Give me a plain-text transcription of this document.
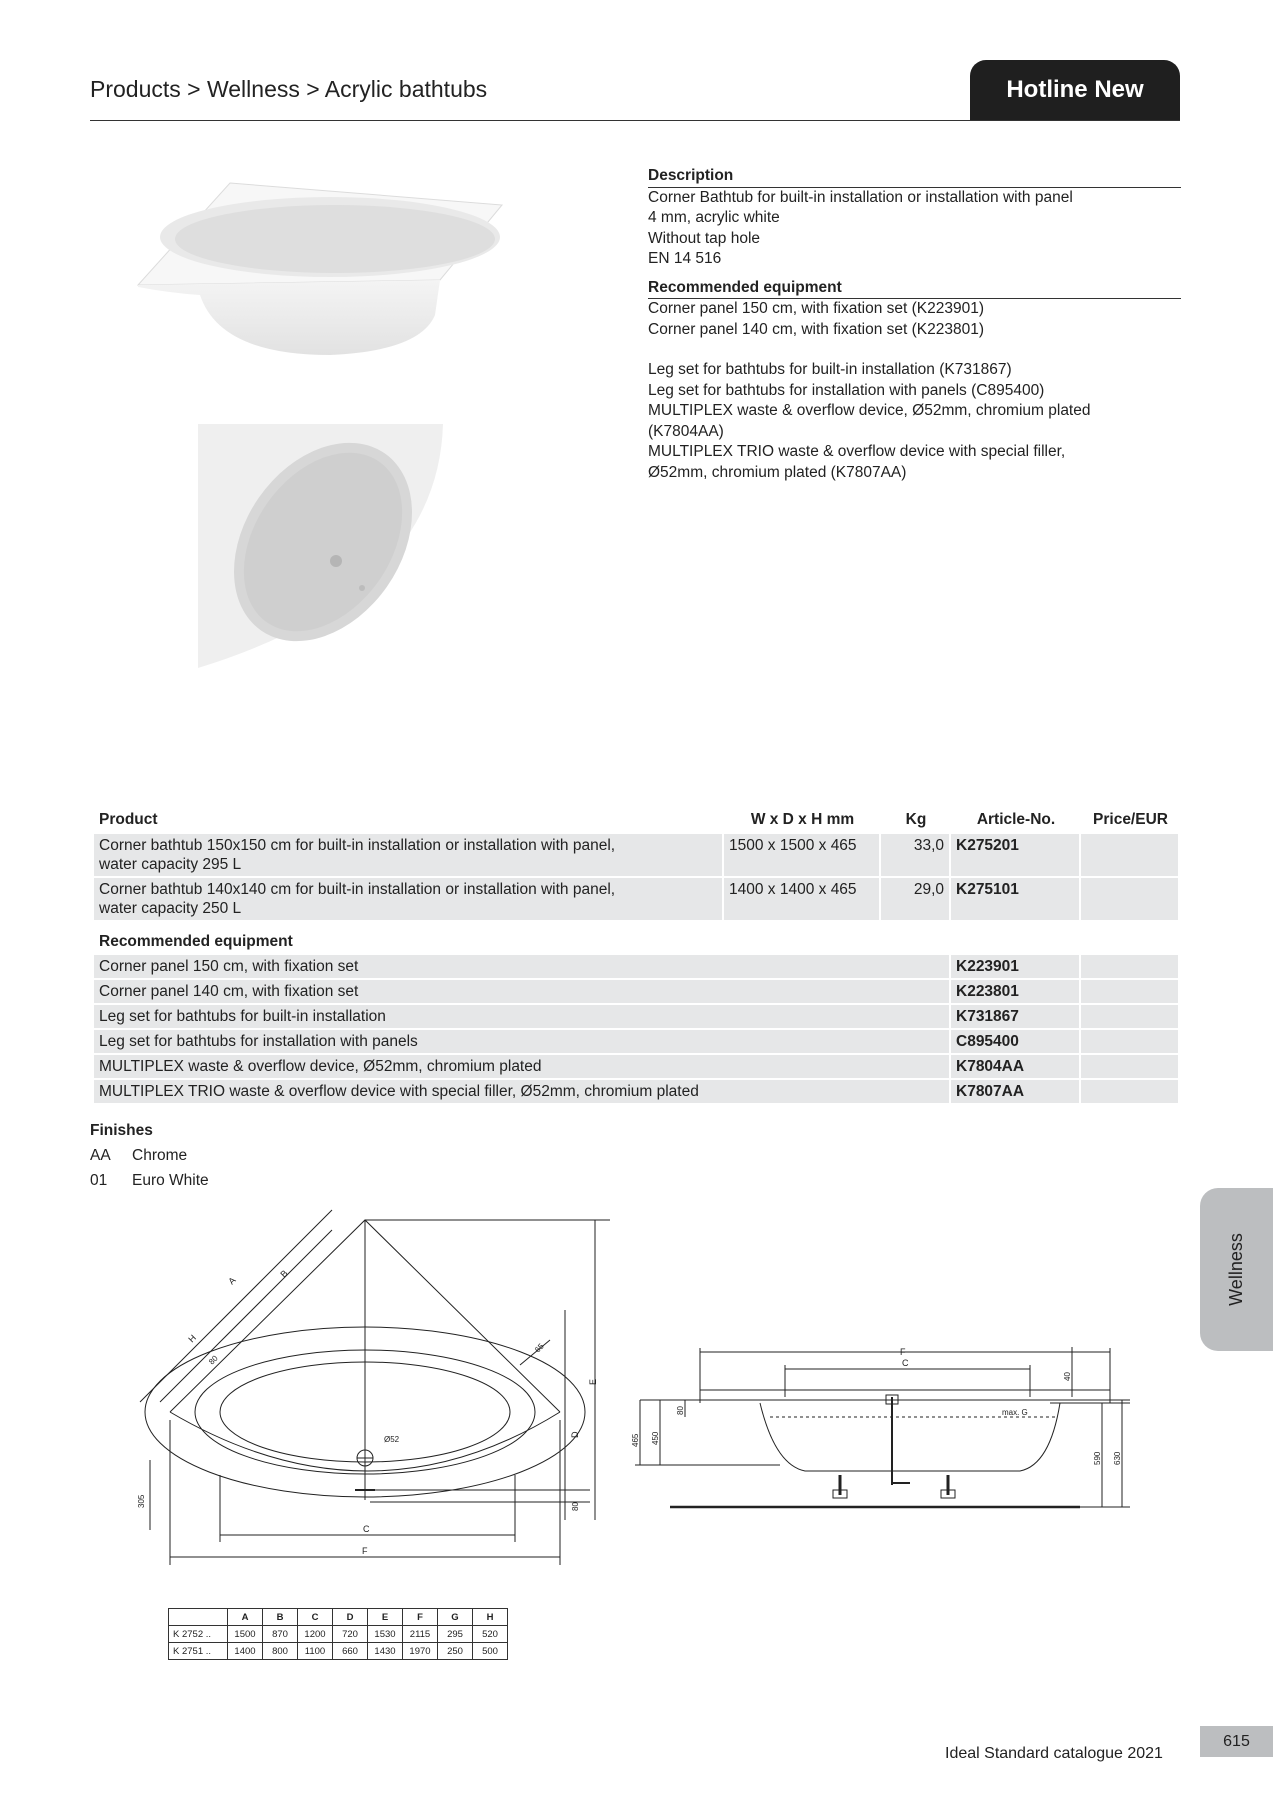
Products > Wellness > Acrylic bathtubs	Hotline New
Description
Corner Bathtub for built-in installation or installation with panel
4 mm, acrylic white
Without tap hole
EN 14 516
Recommended equipment
Corner panel 150 cm, with fixation set (K223901)
Corner panel 140 cm, with fixation set (K223801)
Leg set for bathtubs for built-in installation (K731867)
Leg set for bathtubs for installation with panels (C895400)
MULTIPLEX waste & overflow device, Ø52mm, chromium plated
(K7804AA)
MULTIPLEX TRIO waste & overflow device with special filler,
Ø52mm, chromium plated (K7807AA)
Product	W x D x H mm	Kg	Article-No.	Price/EUR

Corner bathtub 150x150 cm for built-in installation or installation with panel,
water capacity 295 L	1500 x 1500 x 465	33,0	K275201	

Corner bathtub 140x140 cm for built-in installation or installation with panel,
water capacity 250 L	1400 x 1400 x 465	29,0	K275101	
Recommended equipment				
Corner panel 150 cm, with fixation set			K223901	
Corner panel 140 cm, with fixation set			K223801	
Leg set for bathtubs for built-in installation			K731867	
Leg set for bathtubs for installation with panels			C895400	
MULTIPLEX waste & overflow device, Ø52mm, chromium plated			K7804AA	
MULTIPLEX TRIO waste & overflow device with special filler, Ø52mm, chromium plated			K7807AA	
Finishes
AA Chrome
01 Euro White
A
B
H
80
65
E
D
80
305
Ø52
C
F
F
C
max. G
465 450
80
40
590 630
	A	B	C	D	E	F	G	H
K 2752 ..	1500	870	1200	720	1530	2115	295	520
K 2751 ..	1400	800	1100	660	1430	1970	250	500
Wellness
Ideal Standard catalogue 2021
615
